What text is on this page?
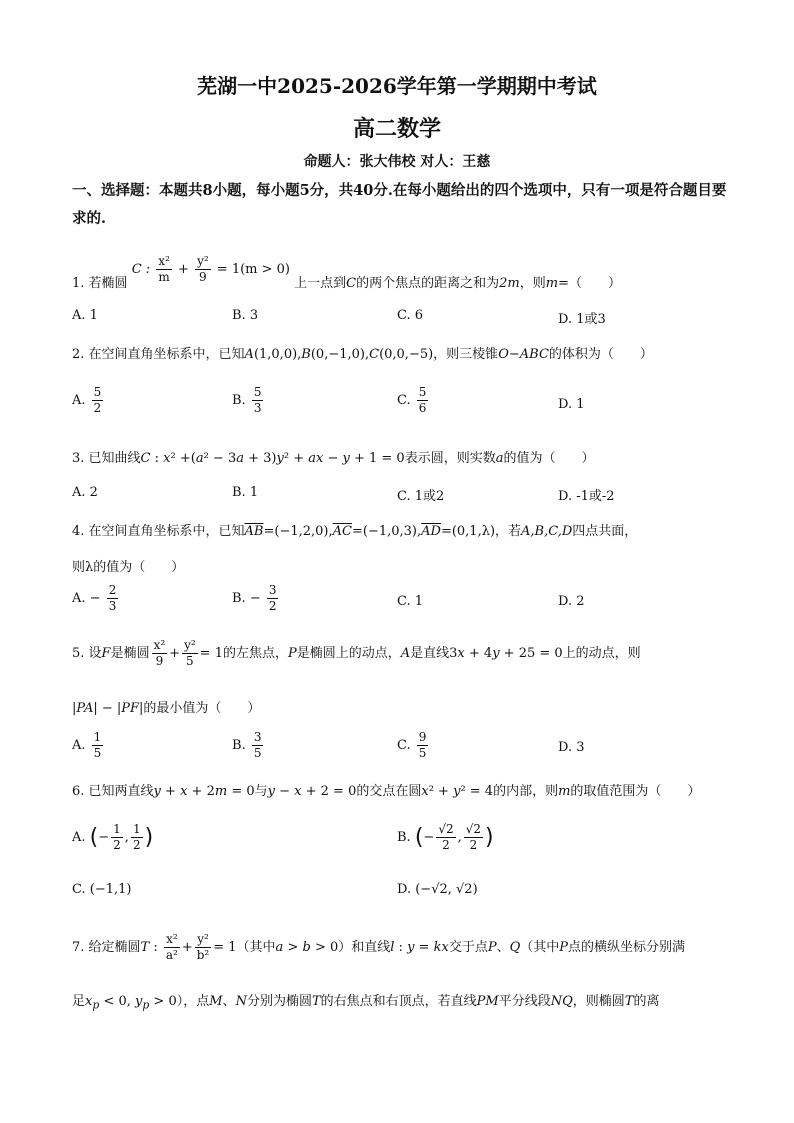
芜湖一中2025-2026学年第一学期期中考试
高二数学
命题人：张大伟校 对人：王慈
一、选择题：本题共8小题，每小题5分，共40分.在每小题给出的四个选项中，只有一项是符合题目要求的.
1. 若椭圆 C : $\frac{\text{x²}}{m} + \frac{\text{y²}}{9} = 1(m > 0)$ 上一点到C的两个焦点的距离之和为2m，则m=（　　）
A. 1	B. 3	C. 6	D. 1或3
2. 在空间直角坐标系中，已知A(1,0,0),B(0,−1,0),C(0,0,−5)，则三棱锥O−ABC的体积为（　　）
A. $\frac{5}{2}$	B. $\frac{5}{3}$	C. $\frac{5}{6}$	D. 1
3. 已知曲线C : x² +(a² − 3a + 3)y² + ax − y + 1 = 0表示圆，则实数a的值为（　　）
A. 2	B. 1	C. 1或2	D. -1或-2
4. 在空间直角坐标系中，已知$\overline{AB}=(-1,2,0),\overline{AC}=(-1,0,3),\overline{AD}=(0,1,\lambda)$，若A,B,C,D四点共面，
则λ的值为（　　）
A. − $\frac{2}{3}$	B. − $\frac{3}{2}$	C. 1	D. 2
5. 设F是椭圆 $\frac{\text{x²}}{9} + \frac{\text{y²}}{5} = 1$的左焦点，P是椭圆上的动点，A是直线3x + 4y + 25 = 0上的动点，则
|PA| − |PF|的最小值为（　　）
A. $\frac{1}{5}$	B. $\frac{3}{5}$	C. $\frac{9}{5}$	D. 3
6. 已知两直线y + x + 2m = 0与y − x + 2 = 0的交点在圆x² + y² = 4的内部，则m的取值范围为（　　）
A. (− $\frac{1}{2}$ , $\frac{1}{2}$ )	B. (− $\frac{√2}{2}$ , $\frac{√2}{2}$ )
C. (−1,1)	D. (−√2, √2)
7. 给定椭圆T : $\frac{\text{x²}}{\text{a²}} + \frac{\text{y²}}{\text{b²}} = 1$（其中a > b > 0）和直线l : y = kx交于点P、Q（其中P点的横纵坐标分别满
足$x_p < 0$, $y_p > 0$），点M、N分别为椭圆T的右焦点和右顶点，若直线PM平分线段NQ，则椭圆T的离
